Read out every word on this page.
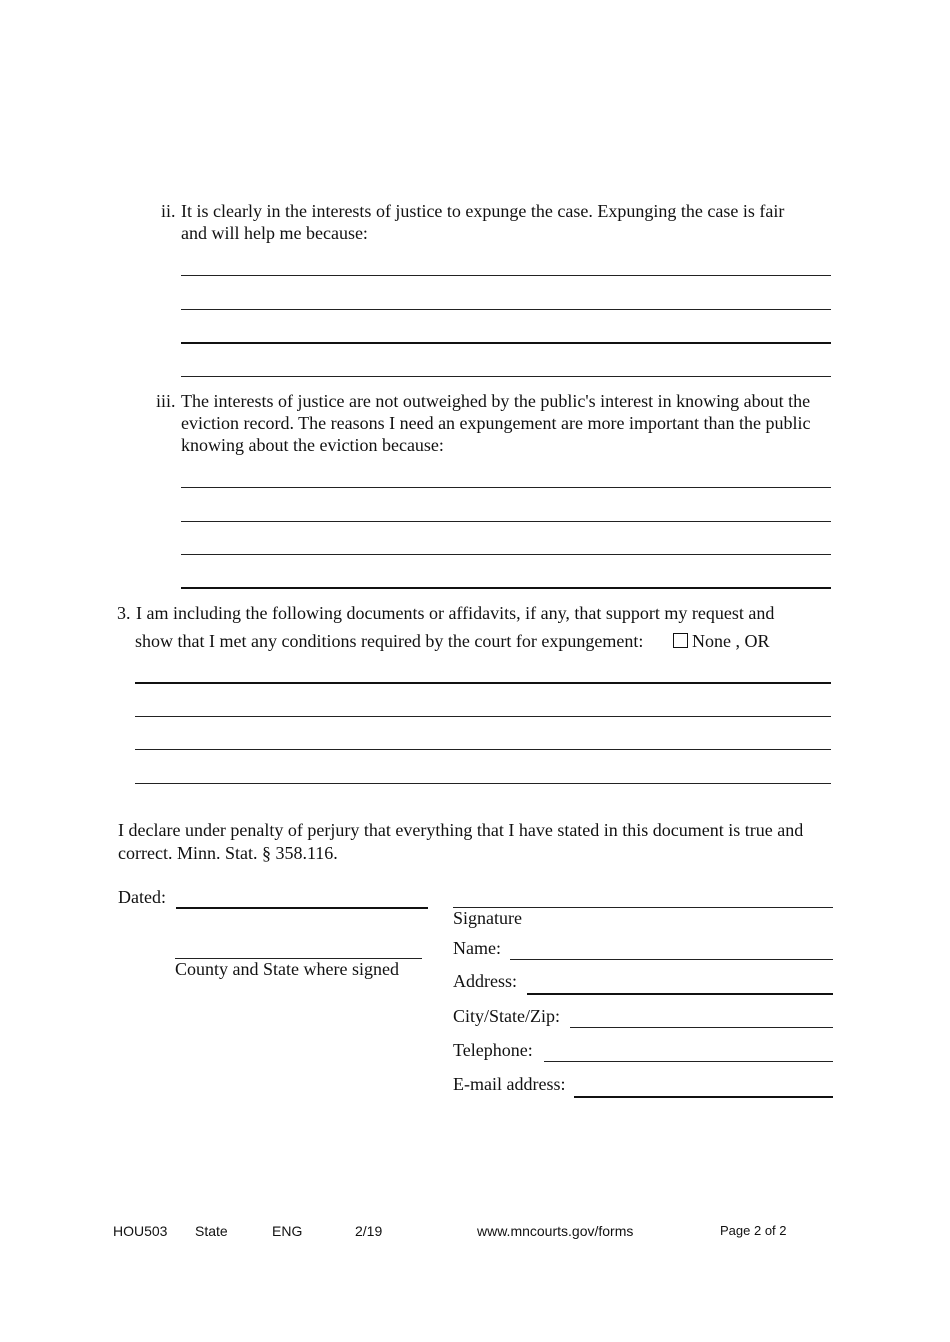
ii. It is clearly in the interests of justice to expunge the case. Expunging the case is fair
and will help me because:
iii. The interests of justice are not outweighed by the public's interest in knowing about the
eviction record. The reasons I need an expungement are more important than the public
knowing about the eviction because:
3. I am including the following documents or affidavits, if any, that support my request and
show that I met any conditions required by the court for expungement:	None , OR
I declare under penalty of perjury that everything that I have stated in this document is true and
correct. Minn. Stat. § 358.116.
Dated:
County and State where signed
Signature
Name:
Address:
City/State/Zip:
Telephone:
E-mail address:
HOU503 State	ENG	2/19	www.mncourts.gov/forms	Page 2 of 2
